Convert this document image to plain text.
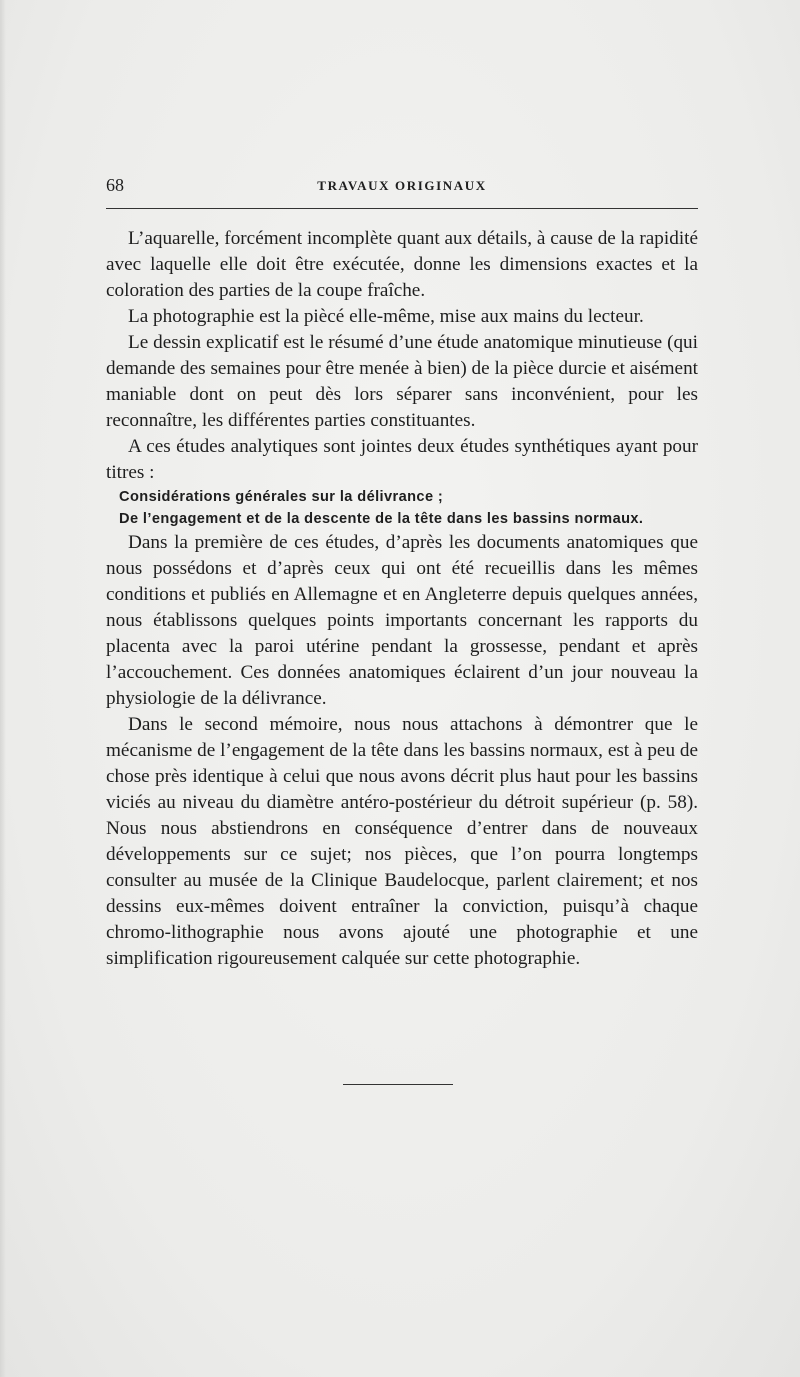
68	TRAVAUX ORIGINAUX

L’aquarelle, forcément incomplète quant aux détails, à cause de la rapidité avec laquelle elle doit être exécutée, donne les dimensions exactes et la coloration des parties de la coupe fraîche.

La photographie est la piècé elle-même, mise aux mains du lecteur.

Le dessin explicatif est le résumé d’une étude anatomique minutieuse (qui demande des semaines pour être menée à bien) de la pièce durcie et aisément maniable dont on peut dès lors séparer sans inconvénient, pour les reconnaître, les différentes parties constituantes.

A ces études analytiques sont jointes deux études synthétiques ayant pour titres :

Considérations générales sur la délivrance ;

De l’engagement et de la descente de la tête dans les bassins normaux.

Dans la première de ces études, d’après les documents anatomiques que nous possédons et d’après ceux qui ont été recueillis dans les mêmes conditions et publiés en Allemagne et en Angleterre depuis quelques années, nous établissons quelques points importants concernant les rapports du placenta avec la paroi utérine pendant la grossesse, pendant et après l’accouchement. Ces données anatomiques éclairent d’un jour nouveau la physiologie de la délivrance.

Dans le second mémoire, nous nous attachons à démontrer que le mécanisme de l’engagement de la tête dans les bassins normaux, est à peu de chose près identique à celui que nous avons décrit plus haut pour les bassins viciés au niveau du diamètre antéro-postérieur du détroit supérieur (p. 58). Nous nous abstiendrons en conséquence d’entrer dans de nouveaux développements sur ce sujet; nos pièces, que l’on pourra longtemps consulter au musée de la Clinique Baudelocque, parlent clairement; et nos dessins eux-mêmes doivent entraîner la conviction, puisqu’à chaque chromo-lithographie nous avons ajouté une photographie et une simplification rigoureusement calquée sur cette photographie.
